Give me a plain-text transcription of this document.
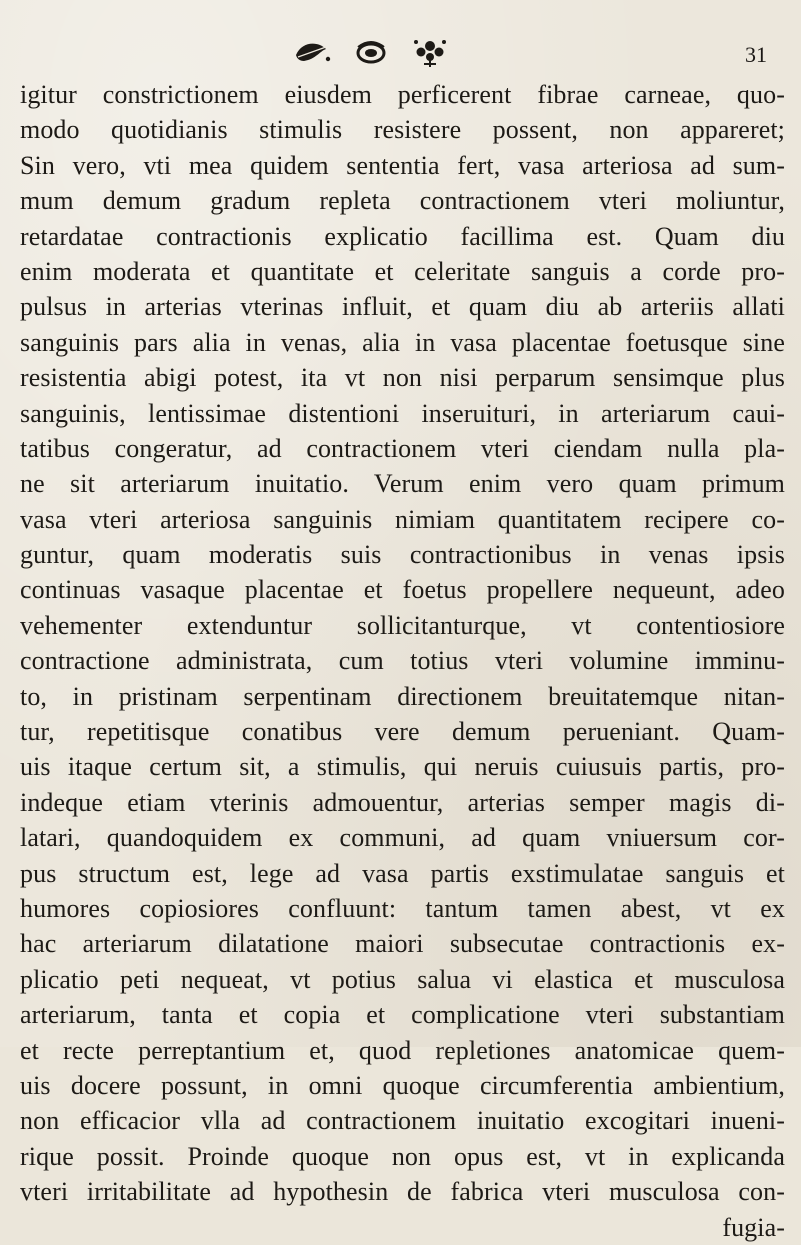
31
igitur constrictionem eiusdem perficerent fibrae carneae, quo-
modo quotidianis stimulis resistere possent, non appareret;
Sin vero, vti mea quidem sententia fert, vasa arteriosa ad sum-
mum demum gradum repleta contractionem vteri moliuntur,
retardatae contractionis explicatio facillima est. Quam diu
enim moderata et quantitate et celeritate sanguis a corde pro-
pulsus in arterias vterinas influit, et quam diu ab arteriis allati
sanguinis pars alia in venas, alia in vasa placentae foetusque sine
resistentia abigi potest, ita vt non nisi perparum sensimque plus
sanguinis, lentissimae distentioni inseruituri, in arteriarum caui-
tatibus congeratur, ad contractionem vteri ciendam nulla pla-
ne sit arteriarum inuitatio. Verum enim vero quam primum
vasa vteri arteriosa sanguinis nimiam quantitatem recipere co-
guntur, quam moderatis suis contractionibus in venas ipsis
continuas vasaque placentae et foetus propellere nequeunt, adeo
vehementer extenduntur sollicitanturque, vt contentiosiore
contractione administrata, cum totius vteri volumine imminu-
to, in pristinam serpentinam directionem breuitatemque nitan-
tur, repetitisque conatibus vere demum perueniant. Quam-
uis itaque certum sit, a stimulis, qui neruis cuiusuis partis, pro-
indeque etiam vterinis admouentur, arterias semper magis di-
latari, quandoquidem ex communi, ad quam vniuersum cor-
pus structum est, lege ad vasa partis exstimulatae sanguis et
humores copiosiores confluunt: tantum tamen abest, vt ex
hac arteriarum dilatatione maiori subsecutae contractionis ex-
plicatio peti nequeat, vt potius salua vi elastica et musculosa
arteriarum, tanta et copia et complicatione vteri substantiam
et recte perreptantium et, quod repletiones anatomicae quem-
uis docere possunt, in omni quoque circumferentia ambientium,
non efficacior vlla ad contractionem inuitatio excogitari inueni-
rique possit. Proinde quoque non opus est, vt in explicanda
vteri irritabilitate ad hypothesin de fabrica vteri musculosa con-
fugia-
